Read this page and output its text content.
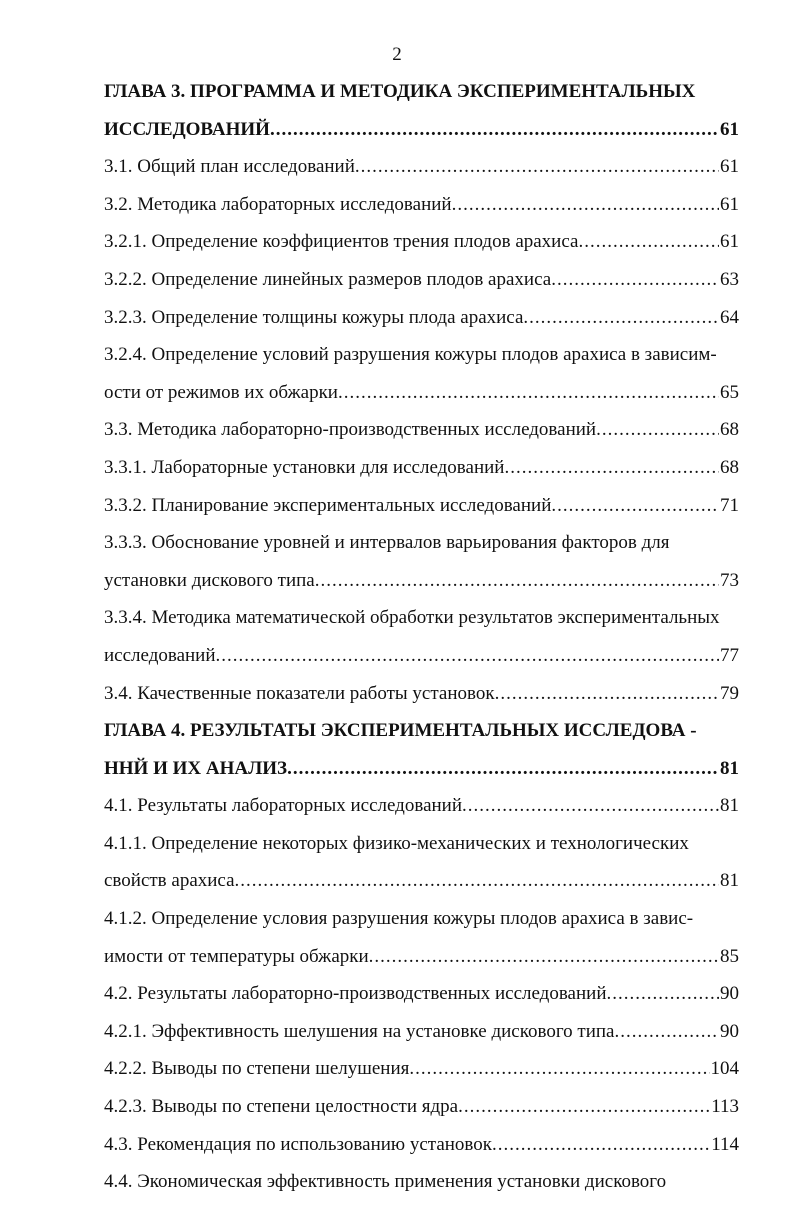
2
ГЛАВА 3. ПРОГРАММА И МЕТОДИКА ЭКСПЕРИМЕНТАЛЬНЫХ
ИССЛЕДОВАНИЙ .....	61
3.1. Общий план исследований .....	61
3.2. Методика лабораторных исследований .....	61
3.2.1. Определение коэффициентов трения плодов арахиса .....	61
3.2.2. Определение линейных размеров плодов арахиса .....	63
3.2.3. Определение толщины кожуры плода арахиса .....	64
3.2.4. Определение условий разрушения кожуры плодов арахиса в зависим-
ости от режимов их обжарки .....	65
3.3. Методика лабораторно-производственных исследований .....	68
3.3.1. Лабораторные установки для исследований .....	68
3.3.2. Планирование экспериментальных исследований .....	71
3.3.3. Обоснование уровней и интервалов варьирования факторов для
установки дискового типа .....	73
3.3.4. Методика математической обработки результатов экспериментальных
исследований .....	77
3.4. Качественные показатели работы установок .....	79
ГЛАВА 4. РЕЗУЛЬТАТЫ ЭКСПЕРИМЕНТАЛЬНЫХ ИССЛЕДОВА -
ННЙ И ИХ АНАЛИЗ .....	81
4.1. Результаты лабораторных исследований .....	81
4.1.1. Определение некоторых физико-механических и технологических
свойств арахиса .....	81
4.1.2. Определение условия разрушения кожуры плодов арахиса в завис-
имости от температуры обжарки .....	85
4.2. Результаты лабораторно-производственных исследований .....	90
4.2.1. Эффективность шелушения на установке дискового типа .....	90
4.2.2. Выводы по степени шелушения .....	104
4.2.3. Выводы по степени целостности ядра .....	113
4.3. Рекомендация по использованию установок .....	114
4.4. Экономическая эффективность применения установки дискового
